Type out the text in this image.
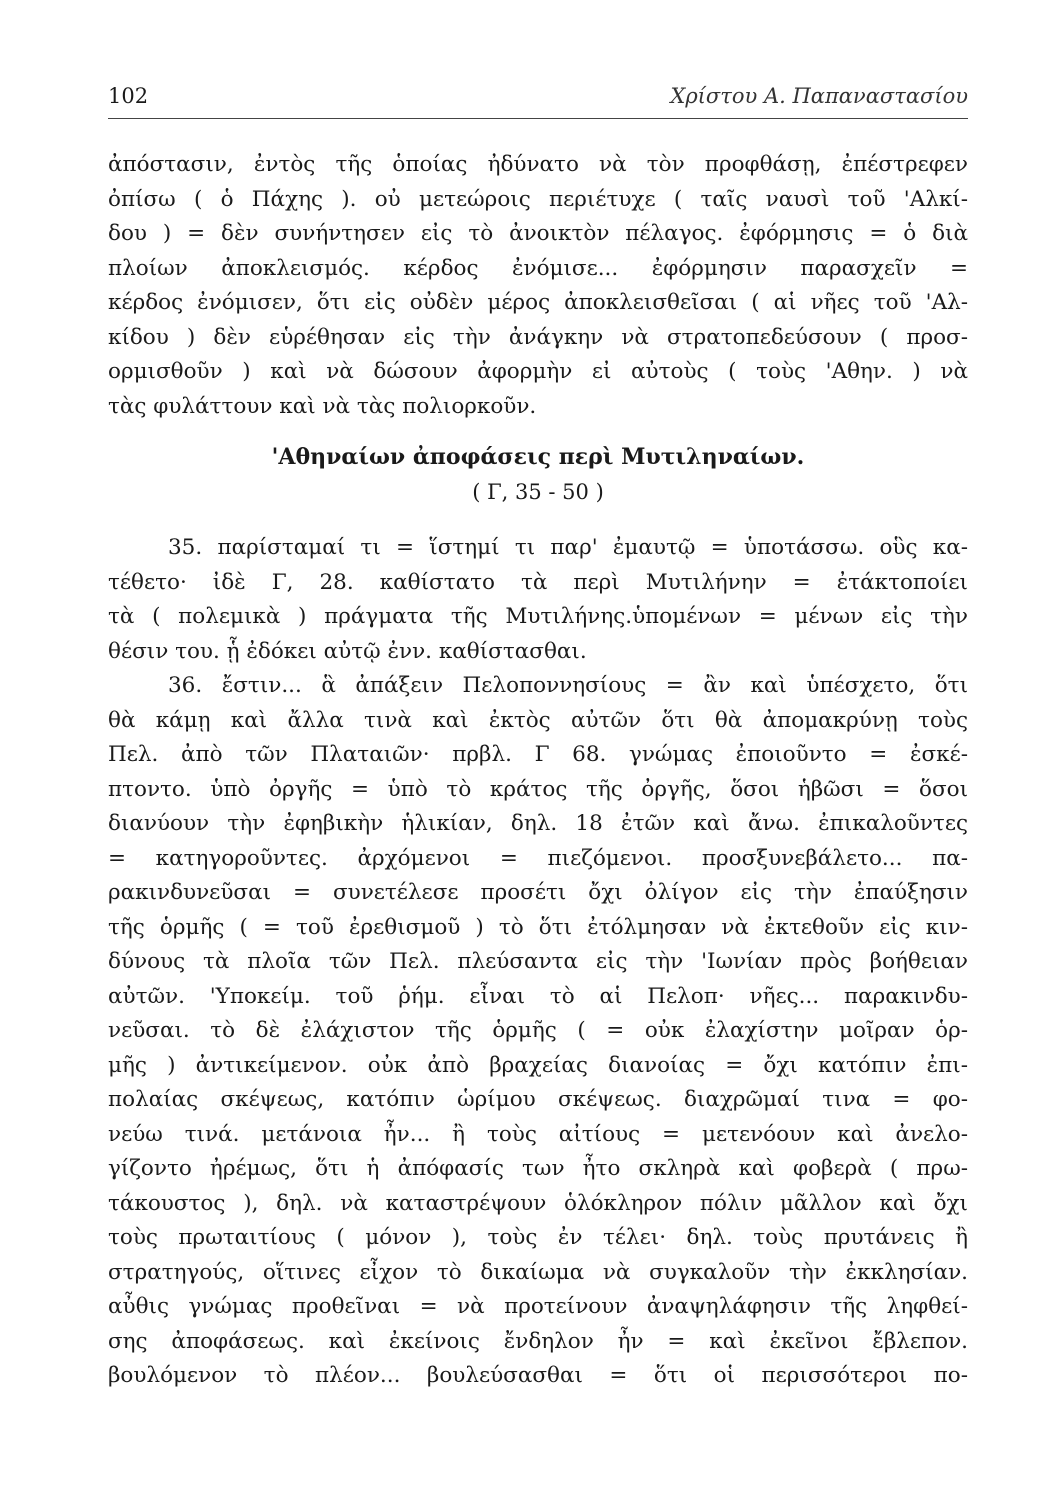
102	Χρίστου Α. Παπαναστασίου
ἀπόστασιν, ἐντὸς τῆς ὁποίας ἠδύνατο νὰ τὸν προφθάσῃ, ἐπέστρεφεν
ὀπίσω ( ὁ Πάχης ). οὐ μετεώροις περιέτυχε ( ταῖς ναυσὶ τοῦ 'Αλκί-
δου ) = δὲν συνήντησεν εἰς τὸ ἀνοικτὸν πέλαγος. ἐφόρμησις = ὁ διὰ
πλοίων ἀποκλεισμός. κέρδος ἐνόμισε... ἐφόρμησιν παρασχεῖν =
κέρδος ἐνόμισεν, ὅτι εἰς οὐδὲν μέρος ἀποκλεισθεῖσαι ( αἱ νῆες τοῦ 'Αλ-
κίδου ) δὲν εὑρέθησαν εἰς τὴν ἀνάγκην νὰ στρατοπεδεύσουν ( προσ-
ορμισθοῦν ) καὶ νὰ δώσουν ἀφορμὴν εἰ αὐτοὺς ( τοὺς 'Αθην. ) νὰ
τὰς φυλάττουν καὶ νὰ τὰς πολιορκοῦν.
'Αθηναίων ἀποφάσεις περὶ Μυτιληναίων.
( Γ, 35 - 50 )
35. παρίσταμαί τι = ἵστημί τι παρ' ἐμαυτῷ = ὑποτάσσω. οὓς κα-
τέθετο· ἰδὲ Γ, 28. καθίστατο τὰ περὶ Μυτιλήνην = ἐτάκτοποίει
τὰ ( πολεμικὰ ) πράγματα τῆς Μυτιλήνης.ὑπομένων = μένων εἰς τὴν
θέσιν του. ᾗ ἐδόκει αὐτῷ ἐνν. καθίστασθαι.
36. ἔστιν... ἃ ἀπάξειν Πελοποννησίους = ἂν καὶ ὑπέσχετο, ὅτι
θὰ κάμῃ καὶ ἄλλα τινὰ καὶ ἐκτὸς αὐτῶν ὅτι θὰ ἀπομακρύνῃ τοὺς
Πελ. ἀπὸ τῶν Πλαταιῶν· πρβλ. Γ 68. γνώμας ἐποιοῦντο = ἐσκέ-
πτοντο. ὑπὸ ὀργῆς = ὑπὸ τὸ κράτος τῆς ὀργῆς, ὅσοι ἡβῶσι = ὅσοι
διανύουν τὴν ἐφηβικὴν ἡλικίαν, δηλ. 18 ἐτῶν καὶ ἄνω. ἐπικαλοῦντες
= κατηγοροῦντες. ἀρχόμενοι = πιεζόμενοι. προσξυνεβάλετο... πα-
ρακινδυνεῦσαι = συνετέλεσε προσέτι ὄχι ὀλίγον εἰς τὴν ἐπαύξησιν
τῆς ὁρμῆς ( = τοῦ ἐρεθισμοῦ ) τὸ ὅτι ἐτόλμησαν νὰ ἐκτεθοῦν εἰς κιν-
δύνους τὰ πλοῖα τῶν Πελ. πλεύσαντα εἰς τὴν 'Ιωνίαν πρὸς βοήθειαν
αὐτῶν. 'Υποκείμ. τοῦ ῥήμ. εἶναι τὸ αἱ Πελοπ· νῆες... παρακινδυ-
νεῦσαι. τὸ δὲ ἐλάχιστον τῆς ὁρμῆς ( = οὐκ ἐλαχίστην μοῖραν ὁρ-
μῆς ) ἀντικείμενον. οὐκ ἀπὸ βραχείας διανοίας = ὄχι κατόπιν ἐπι-
πολαίας σκέψεως, κατόπιν ὡρίμου σκέψεως. διαχρῶμαί τινα = φο-
νεύω τινά. μετάνοια ἦν... ἢ τοὺς αἰτίους = μετενόουν καὶ ἀνελο-
γίζοντο ἠρέμως, ὅτι ἡ ἀπόφασίς των ἦτο σκληρὰ καὶ φοβερὰ ( πρω-
τάκουστος ), δηλ. νὰ καταστρέψουν ὁλόκληρον πόλιν μᾶλλον καὶ ὄχι
τοὺς πρωταιτίους ( μόνον ), τοὺς ἐν τέλει· δηλ. τοὺς πρυτάνεις ἢ
στρατηγούς, οἵτινες εἶχον τὸ δικαίωμα νὰ συγκαλοῦν τὴν ἐκκλησίαν.
αὖθις γνώμας προθεῖναι = νὰ προτείνουν ἀναψηλάφησιν τῆς ληφθεί-
σης ἀποφάσεως. καὶ ἐκείνοις ἔνδηλον ἦν = καὶ ἐκεῖνοι ἔβλεπον.
βουλόμενον τὸ πλέον... βουλεύσασθαι = ὅτι οἱ περισσότεροι πο-
